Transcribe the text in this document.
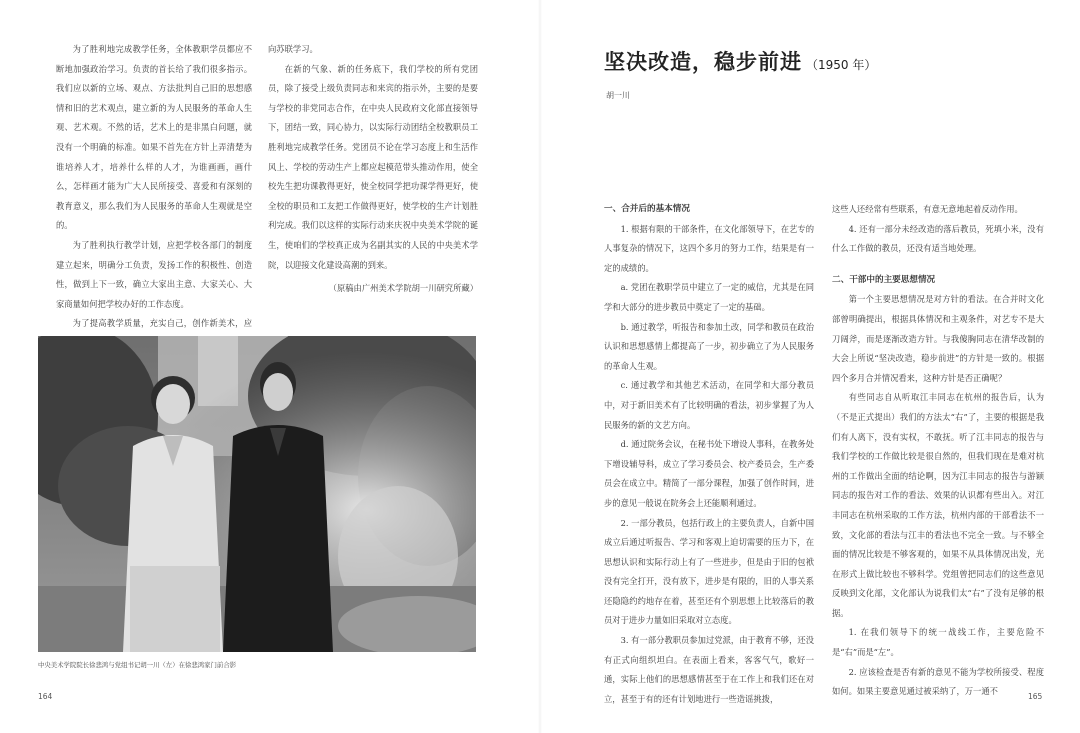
为了胜利地完成教学任务，全体教职学员都应不断地加强政治学习。负责的首长给了我们很多指示。我们应以新的立场、观点、方法批判自己旧的思想感情和旧的艺术观点，建立新的为人民服务的革命人生观、艺术观。不然的话，艺术上的是非黑白问题，就没有一个明确的标准。如果不首先在方针上弄清楚为谁培养人才，培养什么样的人才，为谁画画，画什么，怎样画才能为广大人民所接受、喜爱和有深刻的教育意义，那么我们为人民服务的革命人生观就是空的。

为了胜利执行教学计划，应把学校各部门的制度建立起来，明确分工负责，发扬工作的积极性、创造性，做到上下一致，确立大家出主意、大家关心、大家商量如何把学校办好的工作态度。

为了提高教学质量，充实自己，创作新美术，应

向苏联学习。

在新的气象、新的任务底下，我们学校的所有党团员，除了接受上级负责同志和来宾的指示外，主要的是要与学校的非党同志合作，在中央人民政府文化部直接领导下，团结一致，同心协力，以实际行动团结全校教职员工胜利地完成教学任务。党团员不论在学习态度上和生活作风上、学校的劳动生产上都应起模范带头推动作用，使全校先生把功课教得更好，使全校同学把功课学得更好，使全校的职员和工友把工作做得更好，使学校的生产计划胜利完成。我们以这样的实际行动来庆祝中央美术学院的诞生，使咱们的学校真正成为名副其实的人民的中央美术学院，以迎接文化建设高潮的到来。

（原稿由广州美术学院胡一川研究所藏）

中央美术学院院长徐悲鸿与党组书记胡一川（左）在徐悲鸿家门前合影
164
坚决改造，稳步前进 （1950 年）
胡一川

一、合并后的基本情况

1. 根据有限的干部条件，在文化部领导下，在艺专的人事复杂的情况下，这四个多月的努力工作，结果是有一定的成绩的。

a. 党团在教职学员中建立了一定的威信，尤其是在同学和大部分的进步教员中奠定了一定的基础。

b. 通过教学，听报告和参加土改，同学和教员在政治认识和思想感情上都提高了一步，初步确立了为人民服务的革命人生观。

c. 通过教学和其他艺术活动，在同学和大部分教员中，对于新旧美术有了比较明确的看法，初步掌握了为人民服务的新的文艺方向。

d. 通过院务会议，在秘书处下增设人事科，在教务处下增设辅导科，成立了学习委员会、校产委员会，生产委员会在成立中。精简了一部分课程，加强了创作时间，进步的意见一般说在院务会上还能顺利通过。

2. 一部分教员，包括行政上的主要负责人，自新中国成立后通过听报告、学习和客观上迫切需要的压力下，在思想认识和实际行动上有了一些进步，但是由于旧的包袱没有完全打开，没有放下，进步是有限的，旧的人事关系还隐隐约约地存在着，甚至还有个别思想上比较落后的教员对于进步力量如旧采取对立态度。

3. 有一部分教职员参加过党派，由于教育不够，还没有正式向组织坦白。在表面上看来，客客气气，歌好一通，实际上他们的思想感情甚至于在工作上和我们还在对立，甚至于有的还有计划地进行一些造谣挑拨，

这些人还经常有些联系，有意无意地起着反动作用。

4. 还有一部分未经改造的落后教员，死填小米，没有什么工作做的教员，还没有适当地处理。

二、干部中的主要思想情况

第一个主要思想情况是对方针的看法。在合并时文化部曾明确提出，根据具体情况和主观条件，对艺专不是大刀阔斧，而是逐渐改造方针。与我傻胸同志在清华改制的大会上所说“坚决改造，稳步前进”的方针是一致的。根据四个多月合并情况看来，这种方针是否正确呢？

有些同志自从听取江丰同志在杭州的报告后，认为（不是正式提出）我们的方法太“右”了，主要的根据是我们有人离下，没有实权，不敢抚。听了江丰同志的报告与我们学校的工作做比较是很自然的，但我们现在是难对杭州的工作做出全面的结论啊，因为江丰同志的报告与游颖同志的报告对工作的看法、效果的认识都有些出入。对江丰同志在杭州采取的工作方法，杭州内部的干部看法不一致，文化部的看法与江丰的看法也不完全一致。与不够全面的情况比较是不够客观的，如果不从具体情况出发，光在形式上做比较也不够科学。党组曾把同志们的这些意见反映到文化部，文化部认为说我们太“右”了没有足够的根据。

1. 在我们领导下的统一战线工作，主要危险不是“右”而是“左”。

2. 应该检查是否有新的意见不能为学校所接受、程度如何。如果主要意见通过被采纳了，万一通不

165
